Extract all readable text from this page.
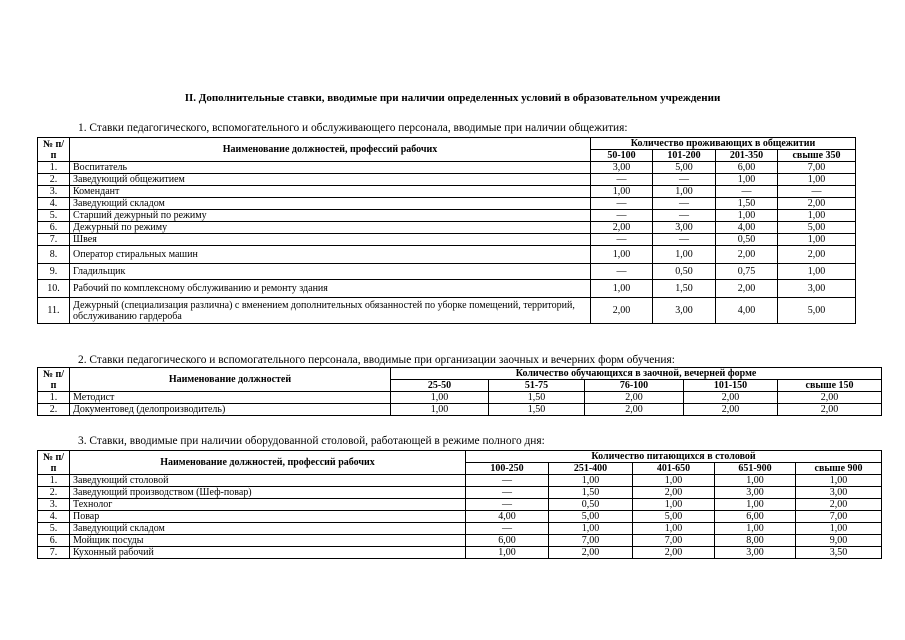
II. Дополнительные ставки, вводимые при наличии определенных условий в образовательном учреждении
1. Ставки педагогического, вспомогательного и обслуживающего персонала, вводимые при наличии общежития:
№ п/п	Наименование должностей, профессий рабочих	Количество проживающих в общежитии			
		50-100	101-200	201-350	свыше 350
1.	Воспитатель	3,00	5,00	6,00	7,00
2.	Заведующий общежитием	—	—	1,00	1,00
3.	Комендант	1,00	1,00	—	—
4.	Заведующий складом	—	—	1,50	2,00
5.	Старший дежурный по режиму	—	—	1,00	1,00
6.	Дежурный по режиму	2,00	3,00	4,00	5,00
7.	Швея	—	—	0,50	1,00
8.	Оператор стиральных машин	1,00	1,00	2,00	2,00
9.	Гладильщик	—	0,50	0,75	1,00
10.	Рабочий по комплексному обслуживанию и ремонту здания	1,00	1,50	2,00	3,00
11.	Дежурный (специализация различна) с вменением дополнительных обязанностей по уборке помещений, территорий, обслуживанию гардероба	2,00	3,00	4,00	5,00
2. Ставки педагогического и вспомогательного персонала, вводимые при организации заочных и вечерних форм обучения:
№ п/п	Наименование должностей	Количество обучающихся в заочной, вечерней форме				
		25-50	51-75	76-100	101-150	свыше 150
1.	Методист	1,00	1,50	2,00	2,00	2,00
2.	Документовед (делопроизводитель)	1,00	1,50	2,00	2,00	2,00
3. Ставки, вводимые при наличии оборудованной столовой, работающей в режиме полного дня:
№ п/п	Наименование должностей, профессий рабочих	Количество питающихся в столовой				
		100-250	251-400	401-650	651-900	свыше 900
1.	Заведующий столовой	—	1,00	1,00	1,00	1,00
2.	Заведующий производством (Шеф-повар)	—	1,50	2,00	3,00	3,00
3.	Технолог	—	0,50	1,00	1,00	2,00
4.	Повар	4,00	5,00	5,00	6,00	7,00
5.	Заведующий складом	—	1,00	1,00	1,00	1,00
6.	Мойщик посуды	6,00	7,00	7,00	8,00	9,00
7.	Кухонный рабочий	1,00	2,00	2,00	3,00	3,50
